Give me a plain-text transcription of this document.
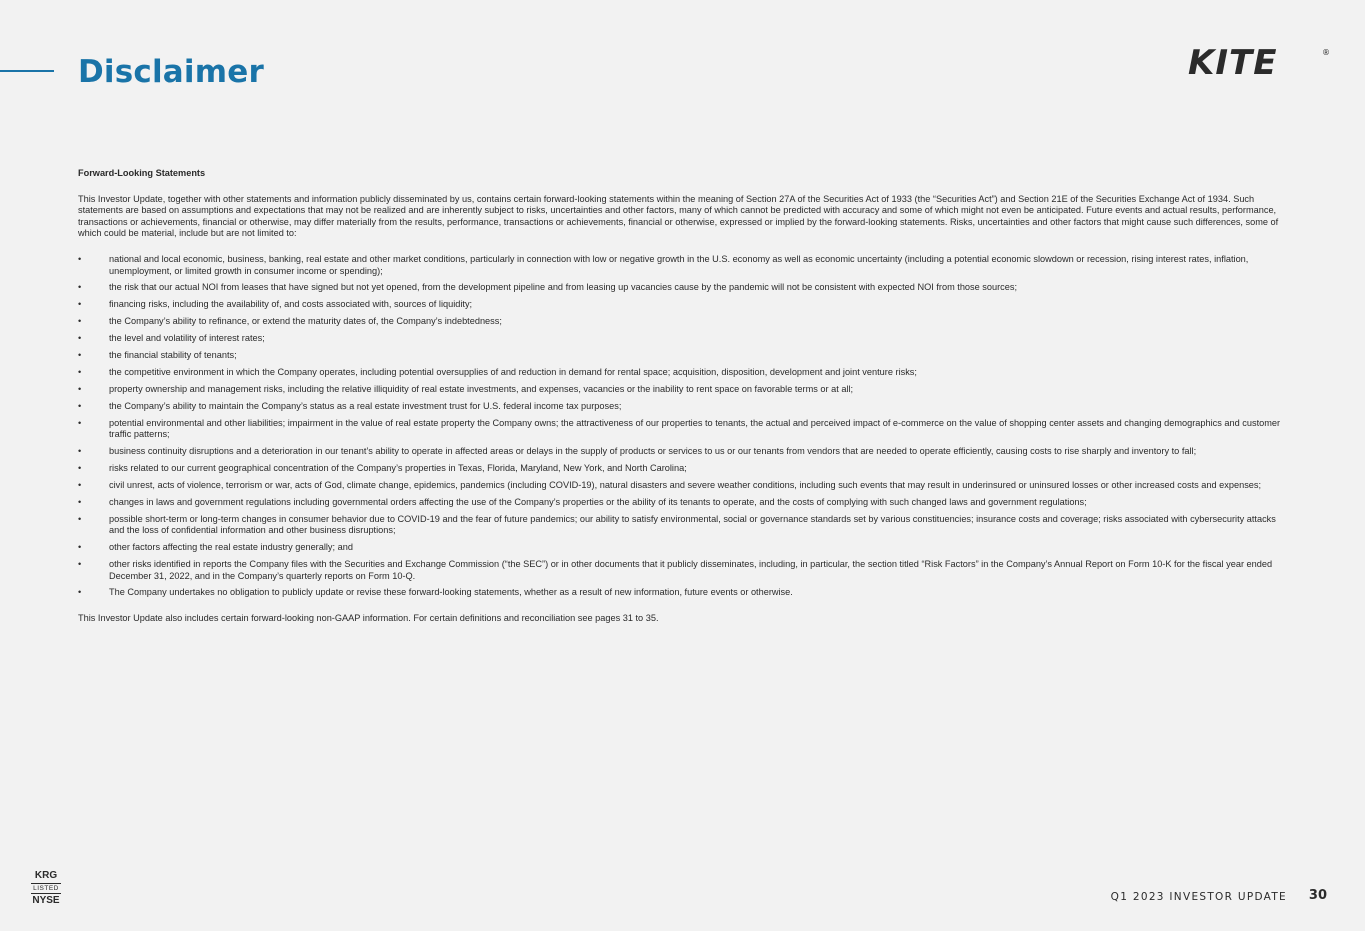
Disclaimer	KITE	®

Forward-Looking Statements

This Investor Update, together with other statements and information publicly disseminated by us, contains certain forward-looking statements within the meaning of Section 27A of the Securities Act of 1933 (the “Securities Act”) and Section 21E of the Securities Exchange Act of 1934. Such statements are based on assumptions and expectations that may not be realized and are inherently subject to risks, uncertainties and other factors, many of which cannot be predicted with accuracy and some of which might not even be anticipated. Future events and actual results, performance, transactions or achievements, financial or otherwise, may differ materially from the results, performance, transactions or achievements, financial or otherwise, expressed or implied by the forward-looking statements. Risks, uncertainties and other factors that might cause such differences, some of which could be material, include but are not limited to:

• national and local economic, business, banking, real estate and other market conditions, particularly in connection with low or negative growth in the U.S. economy as well as economic uncertainty (including a potential economic slowdown or recession, rising interest rates, inflation, unemployment, or limited growth in consumer income or spending);
• the risk that our actual NOI from leases that have signed but not yet opened, from the development pipeline and from leasing up vacancies cause by the pandemic will not be consistent with expected NOI from those sources;
• financing risks, including the availability of, and costs associated with, sources of liquidity;
• the Company’s ability to refinance, or extend the maturity dates of, the Company’s indebtedness;
• the level and volatility of interest rates;
• the financial stability of tenants;
• the competitive environment in which the Company operates, including potential oversupplies of and reduction in demand for rental space; acquisition, disposition, development and joint venture risks;
• property ownership and management risks, including the relative illiquidity of real estate investments, and expenses, vacancies or the inability to rent space on favorable terms or at all;
• the Company’s ability to maintain the Company’s status as a real estate investment trust for U.S. federal income tax purposes;
• potential environmental and other liabilities; impairment in the value of real estate property the Company owns; the attractiveness of our properties to tenants, the actual and perceived impact of e-commerce on the value of shopping center assets and changing demographics and customer traffic patterns;
• business continuity disruptions and a deterioration in our tenant’s ability to operate in affected areas or delays in the supply of products or services to us or our tenants from vendors that are needed to operate efficiently, causing costs to rise sharply and inventory to fall;
• risks related to our current geographical concentration of the Company’s properties in Texas, Florida, Maryland, New York, and North Carolina;
• civil unrest, acts of violence, terrorism or war, acts of God, climate change, epidemics, pandemics (including COVID-19), natural disasters and severe weather conditions, including such events that may result in underinsured or uninsured losses or other increased costs and expenses;
• changes in laws and government regulations including governmental orders affecting the use of the Company’s properties or the ability of its tenants to operate, and the costs of complying with such changed laws and government regulations;
• possible short-term or long-term changes in consumer behavior due to COVID-19 and the fear of future pandemics; our ability to satisfy environmental, social or governance standards set by various constituencies; insurance costs and coverage; risks associated with cybersecurity attacks and the loss of confidential information and other business disruptions;
• other factors affecting the real estate industry generally; and
• other risks identified in reports the Company files with the Securities and Exchange Commission (“the SEC”) or in other documents that it publicly disseminates, including, in particular, the section titled “Risk Factors” in the Company’s Annual Report on Form 10-K for the fiscal year ended December 31, 2022, and in the Company’s quarterly reports on Form 10-Q.
• The Company undertakes no obligation to publicly update or revise these forward-looking statements, whether as a result of new information, future events or otherwise.

This Investor Update also includes certain forward-looking non-GAAP information. For certain definitions and reconciliation see pages 31 to 35.

KRG
LISTED
NYSE	Q1 2023 INVESTOR UPDATE 30
